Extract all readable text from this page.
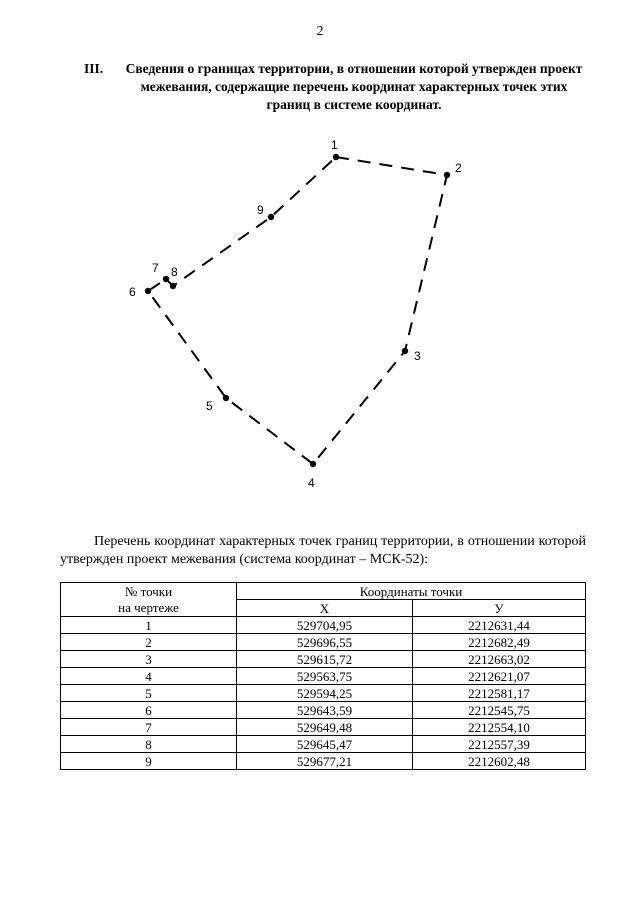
2
III. Сведения о границах территории, в отношении которой утвержден проект межевания, содержащие перечень координат характерных точек этих границ в системе координат.
1
2
3
4
5
6
7 8
9
Перечень координат характерных точек границ территории, в отношении которой утвержден проект межевания (система координат – МСК-52):
№ точки
на чертеже	Координаты точки	
	Х	У
1	529704,95	2212631,44
2	529696,55	2212682,49
3	529615,72	2212663,02
4	529563,75	2212621,07
5	529594,25	2212581,17
6	529643,59	2212545,75
7	529649,48	2212554,10
8	529645,47	2212557,39
9	529677,21	2212602,48
